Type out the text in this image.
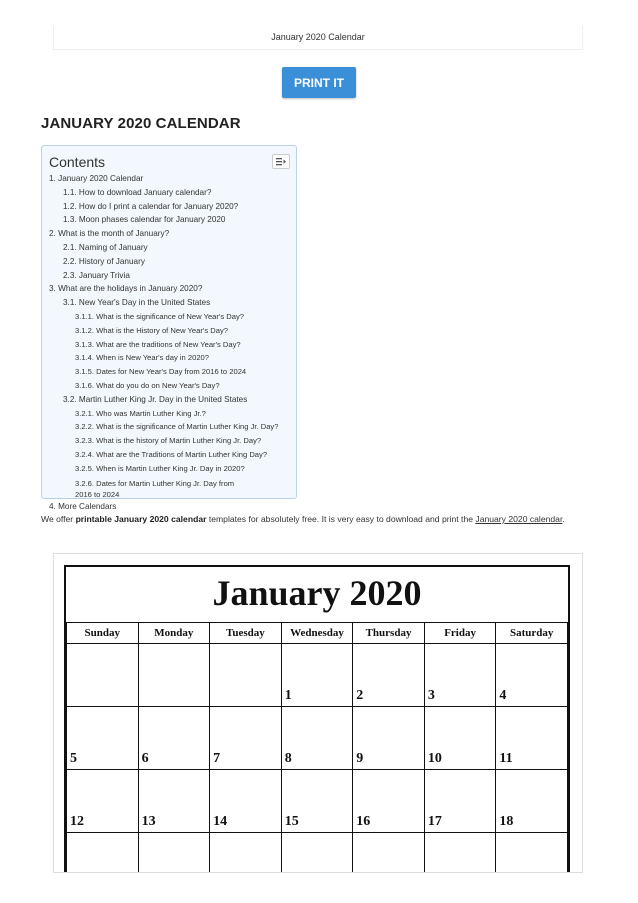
January 2020 Calendar
PRINT IT
JANUARY 2020 CALENDAR
Contents
1. January 2020 Calendar
1.1. How to download January calendar?
1.2. How do I print a calendar for January 2020?
1.3. Moon phases calendar for January 2020
2. What is the month of January?
2.1. Naming of January
2.2. History of January
2.3. January Trivia
3. What are the holidays in January 2020?
3.1. New Year's Day in the United States
3.1.1. What is the significance of New Year's Day?
3.1.2. What is the History of New Year's Day?
3.1.3. What are the traditions of New Year's Day?
3.1.4. When is New Year's day in 2020?
3.1.5. Dates for New Year's Day from 2016 to 2024
3.1.6. What do you do on New Year's Day?
3.2. Martin Luther King Jr. Day in the United States
3.2.1. Who was Martin Luther King Jr.?
3.2.2. What is the significance of Martin Luther King Jr. Day?
3.2.3. What is the history of Martin Luther King Jr. Day?
3.2.4. What are the Traditions of Martin Luther King Day?
3.2.5. When is Martin Luther King Jr. Day in 2020?
3.2.6. Dates for Martin Luther King Jr. Day from 2016 to 2024
4. More Calendars

We offer printable January 2020 calendar templates for absolutely free. It is very easy to download and print the January 2020 calendar.

January 2020
Sunday	Monday	Tuesday	Wednesday	Thursday	Friday	Saturday
			1	2	3	4
5	6	7	8	9	10	11
12	13	14	15	16	17	18
